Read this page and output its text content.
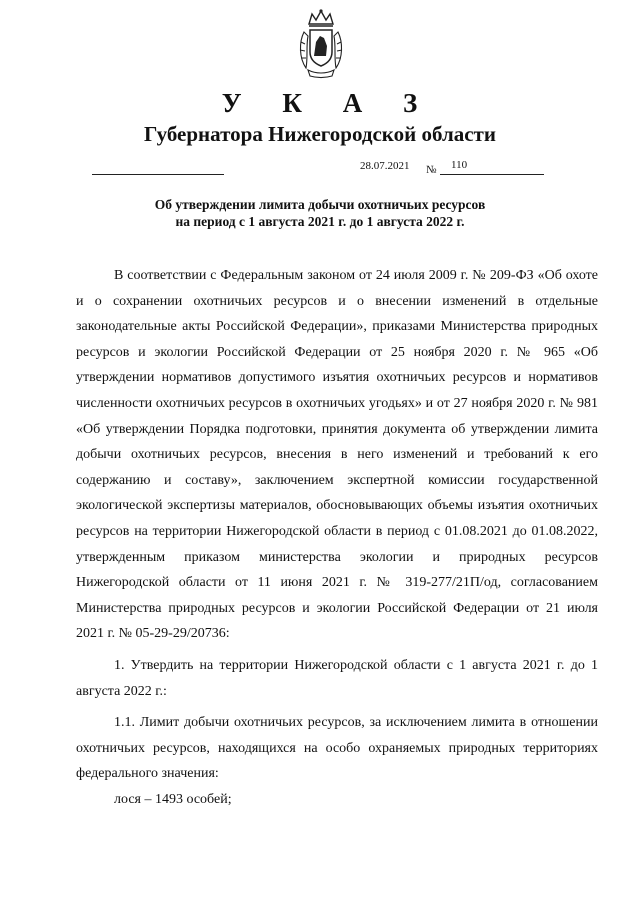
У К А З
Губернатора Нижегородской области
28.07.2021 № 110
Об утверждении лимита добычи охотничьих ресурсов
на период с 1 августа 2021 г. до 1 августа 2022 г.

В соответствии с Федеральным законом от 24 июля 2009 г. № 209-ФЗ «Об охоте и о сохранении охотничьих ресурсов и о внесении изменений в отдельные законодательные акты Российской Федерации», приказами Министерства природных ресурсов и экологии Российской Федерации от 25 ноября 2020 г. № 965 «Об утверждении нормативов допустимого изъятия охотничьих ресурсов и нормативов численности охотничьих ресурсов в охотничьих угодьях» и от 27 ноября 2020 г. № 981 «Об утверждении Порядка подготовки, принятия документа об утверждении лимита добычи охотничьих ресурсов, внесения в него изменений и требований к его содержанию и составу», заключением экспертной комиссии государственной экологической экспертизы материалов, обосновывающих объемы изъятия охотничьих ресурсов на территории Нижегородской области в период с 01.08.2021 до 01.08.2022, утвержденным приказом министерства экологии и природных ресурсов Нижегородской области от 11 июня 2021 г. № 319-277/21П/од, согласованием Министерства природных ресурсов и экологии Российской Федерации от 21 июля 2021 г. № 05-29-29/20736:

1. Утвердить на территории Нижегородской области с 1 августа 2021 г. до 1 августа 2022 г.:

1.1. Лимит добычи охотничьих ресурсов, за исключением лимита в отношении охотничьих ресурсов, находящихся на особо охраняемых природных территориях федерального значения:

лося – 1493 особей;
